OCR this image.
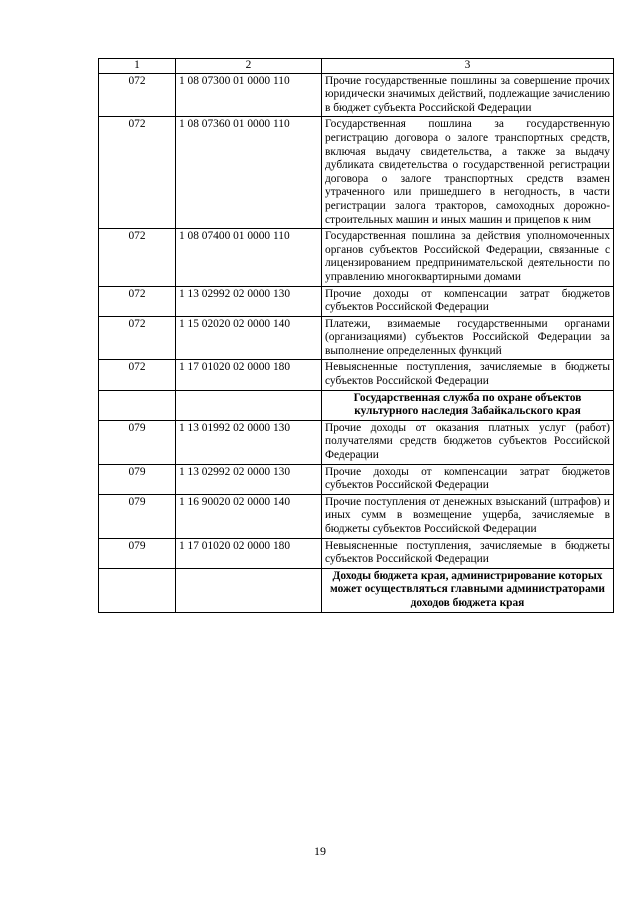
1	2	3
072	1 08 07300 01 0000 110	Прочие государственные пошлины за совершение прочих юридически значимых действий, подлежащие зачислению в бюджет субъекта Российской Федерации
072	1 08 07360 01 0000 110	Государственная пошлина за государственную регистрацию договора о залоге транспортных средств, включая выдачу свидетельства, а также за выдачу дубликата свидетельства о государственной регистрации договора о залоге транспортных средств взамен утраченного или пришедшего в негодность, в части регистрации залога тракторов, самоходных дорожно-строительных машин и иных машин и прицепов к ним
072	1 08 07400 01 0000 110	Государственная пошлина за действия уполномоченных органов субъектов Российской Федерации, связанные с лицензированием предпринимательской деятельности по управлению многоквартирными домами
072	1 13 02992 02 0000 130	Прочие доходы от компенсации затрат бюджетов субъектов Российской Федерации
072	1 15 02020 02 0000 140	Платежи, взимаемые государственными органами (организациями) субъектов Российской Федерации за выполнение определенных функций
072	1 17 01020 02 0000 180	Невыясненные поступления, зачисляемые в бюджеты субъектов Российской Федерации
		Государственная служба по охране объектов культурного наследия Забайкальского края
079	1 13 01992 02 0000 130	Прочие доходы от оказания платных услуг (работ) получателями средств бюджетов субъектов Российской Федерации
079	1 13 02992 02 0000 130	Прочие доходы от компенсации затрат бюджетов субъектов Российской Федерации
079	1 16 90020 02 0000 140	Прочие поступления от денежных взысканий (штрафов) и иных сумм в возмещение ущерба, зачисляемые в бюджеты субъектов Российской Федерации
079	1 17 01020 02 0000 180	Невыясненные поступления, зачисляемые в бюджеты субъектов Российской Федерации
		Доходы бюджета края, администрирование которых может осуществляться главными администраторами доходов бюджета края
19
